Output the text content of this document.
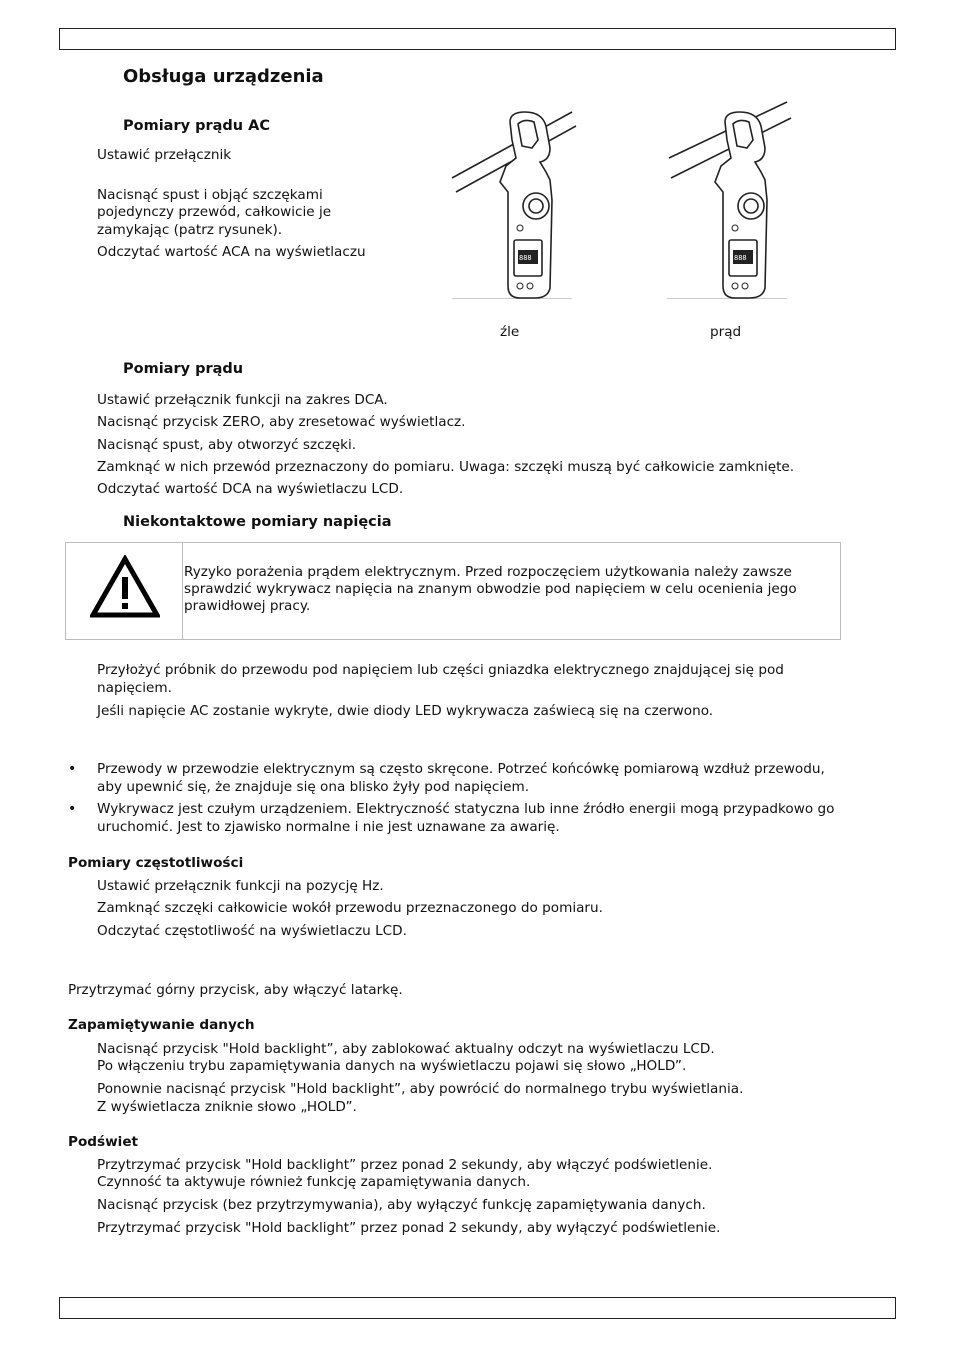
Obsługa urządzenia
Pomiary prądu AC
Ustawić przełącznik
Nacisnąć spust i objąć szczękami
pojedynczy przewód, całkowicie je
zamykając (patrz rysunek).
Odczytać wartość ACA na wyświetlaczu	888	888
źle	prąd
Pomiary prądu
Ustawić przełącznik funkcji na zakres DCA.
Nacisnąć przycisk ZERO, aby zresetować wyświetlacz.
Nacisnąć spust, aby otworzyć szczęki.
Zamknąć w nich przewód przeznaczony do pomiaru. Uwaga: szczęki muszą być całkowicie zamknięte.
Odczytać wartość DCA na wyświetlaczu LCD.
Niekontaktowe pomiary napięcia
Ryzyko porażenia prądem elektrycznym. Przed rozpoczęciem użytkowania należy zawsze
sprawdzić wykrywacz napięcia na znanym obwodzie pod napięciem w celu ocenienia jego
prawidłowej pracy.
Przyłożyć próbnik do przewodu pod napięciem lub części gniazdka elektrycznego znajdującej się pod
napięciem.
Jeśli napięcie AC zostanie wykryte, dwie diody LED wykrywacza zaświecą się na czerwono.
• Przewody w przewodzie elektrycznym są często skręcone. Potrzeć końcówkę pomiarową wzdłuż przewodu,
aby upewnić się, że znajduje się ona blisko żyły pod napięciem.
• Wykrywacz jest czułym urządzeniem. Elektryczność statyczna lub inne źródło energii mogą przypadkowo go
uruchomić. Jest to zjawisko normalne i nie jest uznawane za awarię.
Pomiary częstotliwości
Ustawić przełącznik funkcji na pozycję Hz.
Zamknąć szczęki całkowicie wokół przewodu przeznaczonego do pomiaru.
Odczytać częstotliwość na wyświetlaczu LCD.
Przytrzymać górny przycisk, aby włączyć latarkę.
Zapamiętywanie danych
Nacisnąć przycisk "Hold backlight”, aby zablokować aktualny odczyt na wyświetlaczu LCD.
Po włączeniu trybu zapamiętywania danych na wyświetlaczu pojawi się słowo „HOLD”.
Ponownie nacisnąć przycisk "Hold backlight”, aby powrócić do normalnego trybu wyświetlania.
Z wyświetlacza zniknie słowo „HOLD”.
Podświet
Przytrzymać przycisk "Hold backlight” przez ponad 2 sekundy, aby włączyć podświetlenie.
Czynność ta aktywuje również funkcję zapamiętywania danych.
Nacisnąć przycisk (bez przytrzymywania), aby wyłączyć funkcję zapamiętywania danych.
Przytrzymać przycisk "Hold backlight” przez ponad 2 sekundy, aby wyłączyć podświetlenie.
